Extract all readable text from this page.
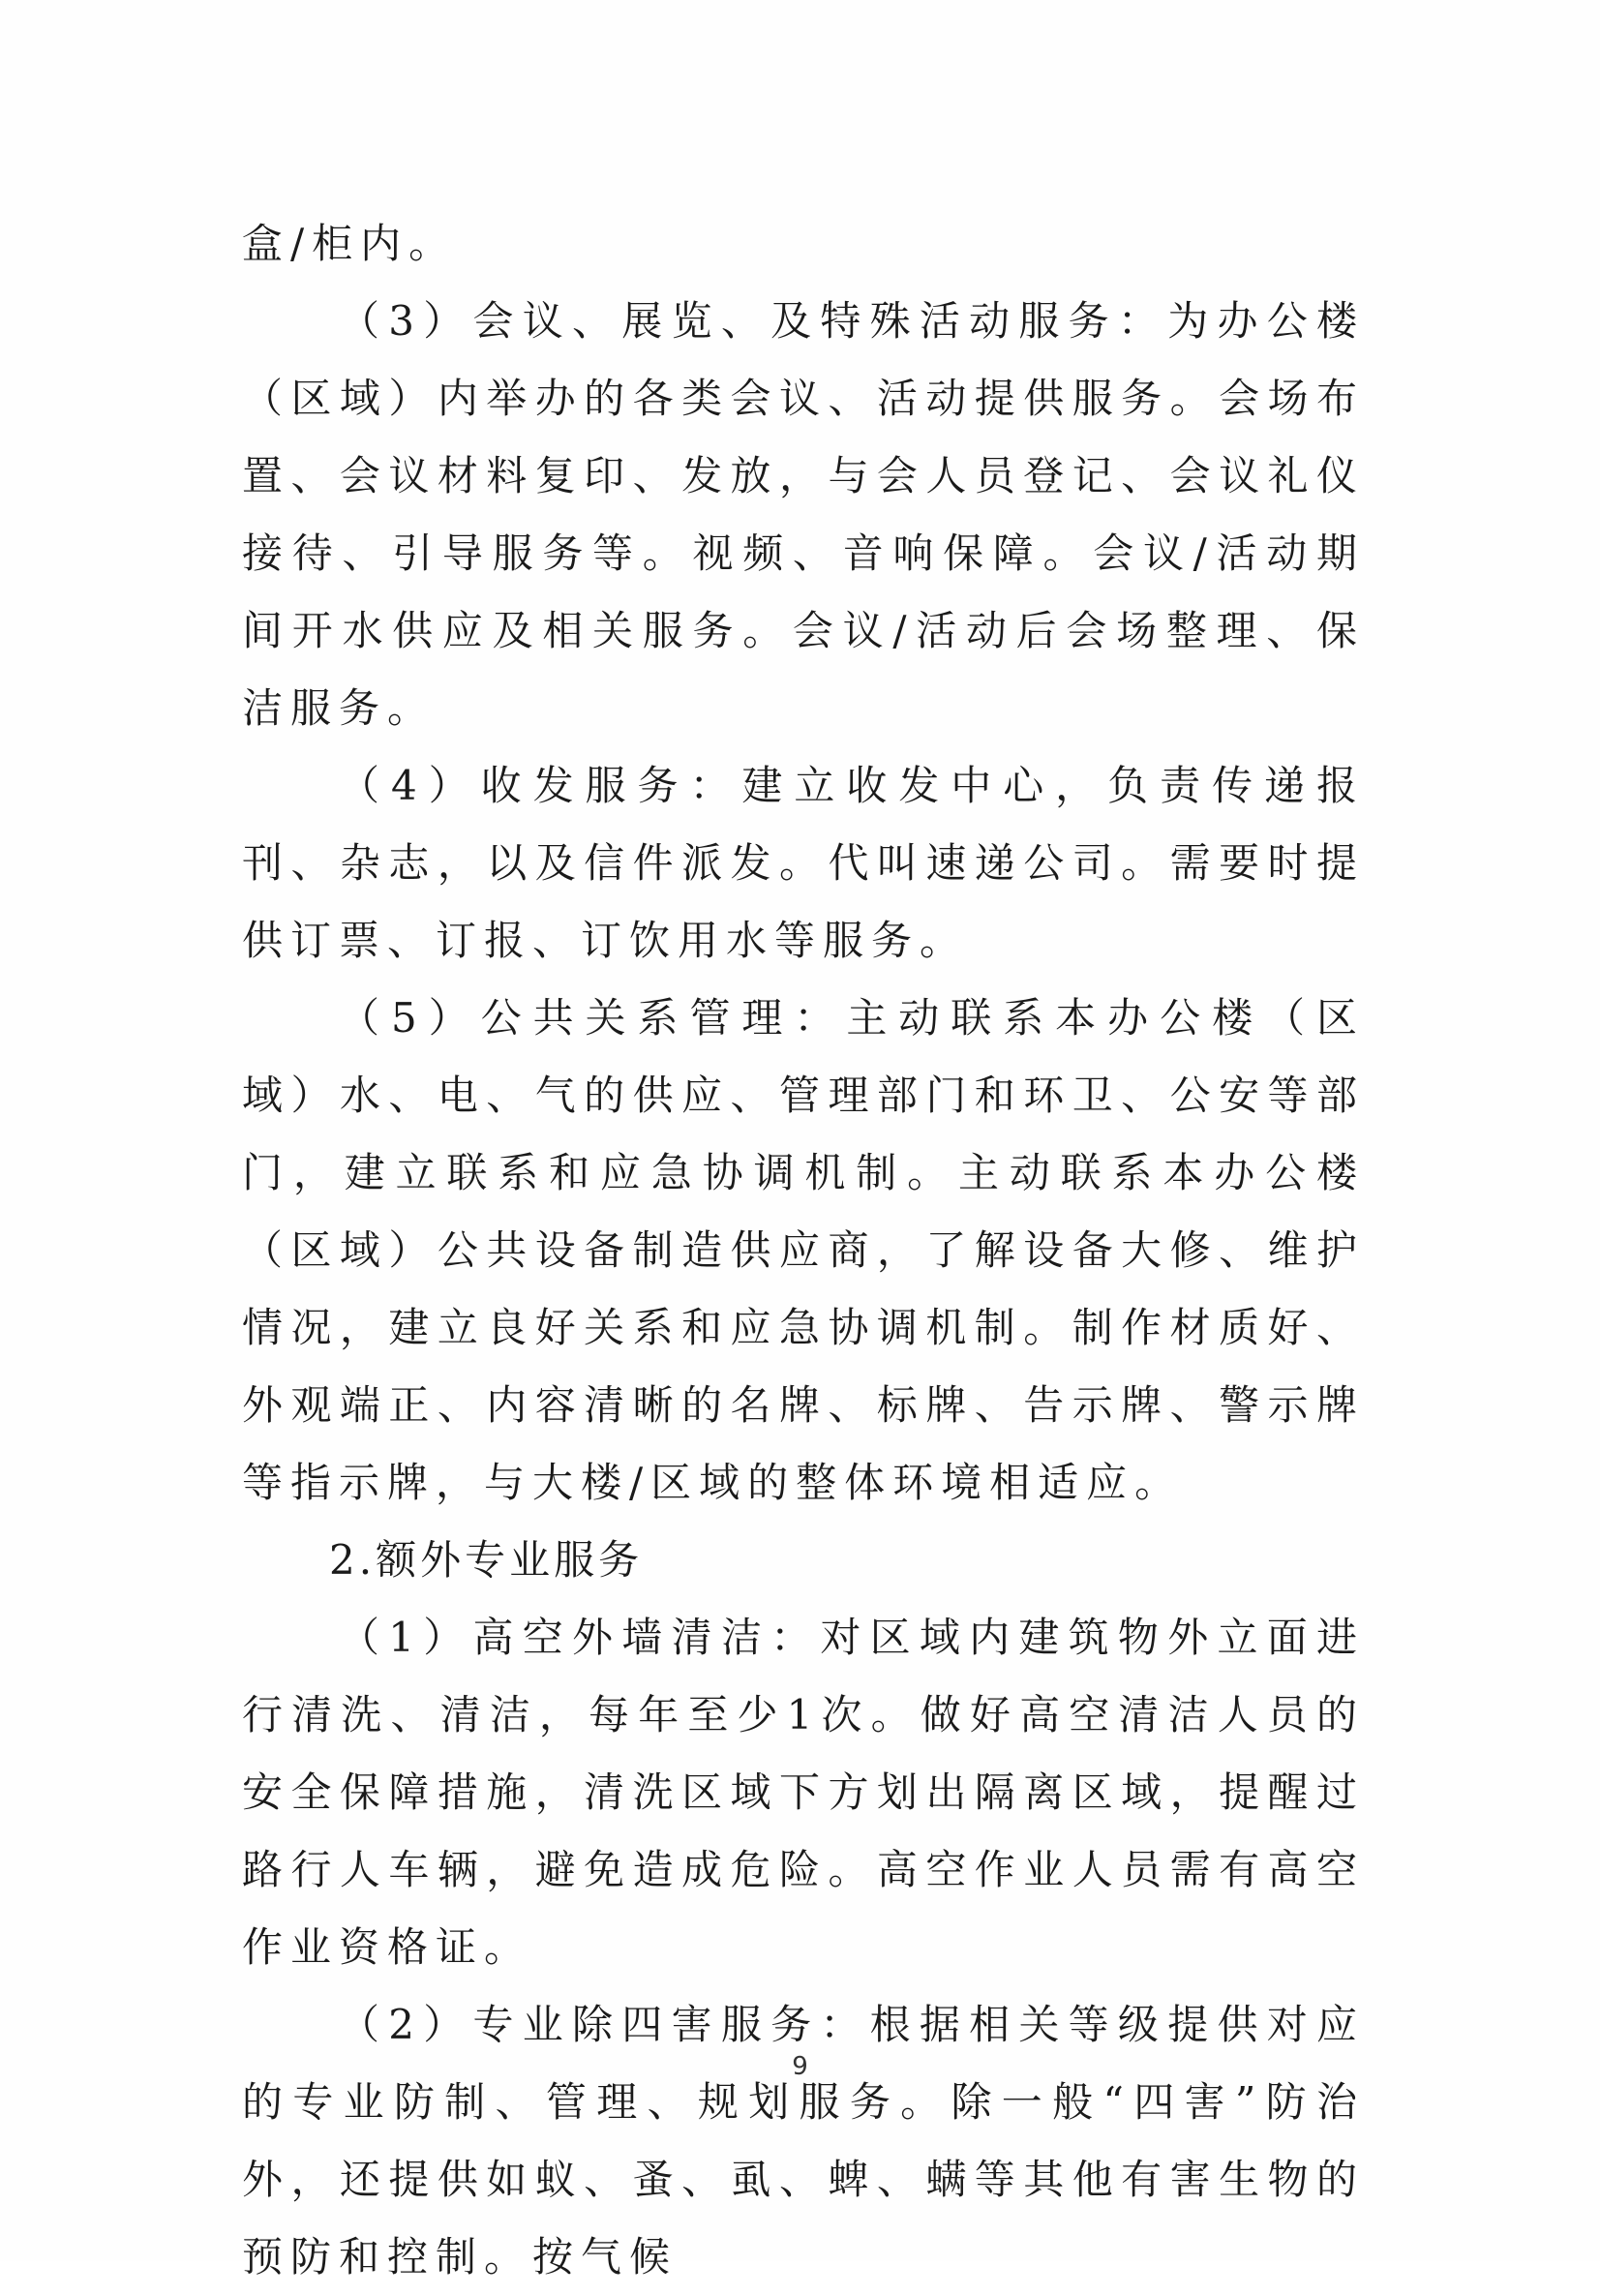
盒/柜内。

（3）会议、展览、及特殊活动服务：为办公楼（区域）内举办的各类会议、活动提供服务。会场布置、会议材料复印、发放，与会人员登记、会议礼仪接待、引导服务等。视频、音响保障。会议/活动期间开水供应及相关服务。会议/活动后会场整理、保洁服务。

（4）收发服务：建立收发中心，负责传递报刊、杂志，以及信件派发。代叫速递公司。需要时提供订票、订报、订饮用水等服务。

（5）公共关系管理：主动联系本办公楼（区域）水、电、气的供应、管理部门和环卫、公安等部门，建立联系和应急协调机制。主动联系本办公楼（区域）公共设备制造供应商，了解设备大修、维护情况，建立良好关系和应急协调机制。制作材质好、外观端正、内容清晰的名牌、标牌、告示牌、警示牌等指示牌，与大楼/区域的整体环境相适应。

2.额外专业服务

（1）高空外墙清洁：对区域内建筑物外立面进行清洗、清洁，每年至少1次。做好高空清洁人员的安全保障措施，清洗区域下方划出隔离区域，提醒过路行人车辆，避免造成危险。高空作业人员需有高空作业资格证。

（2）专业除四害服务：根据相关等级提供对应的专业防制、管理、规划服务。除一般“四害”防治外，还提供如蚁、蚤、虱、蜱、螨等其他有害生物的预防和控制。按气候

9
